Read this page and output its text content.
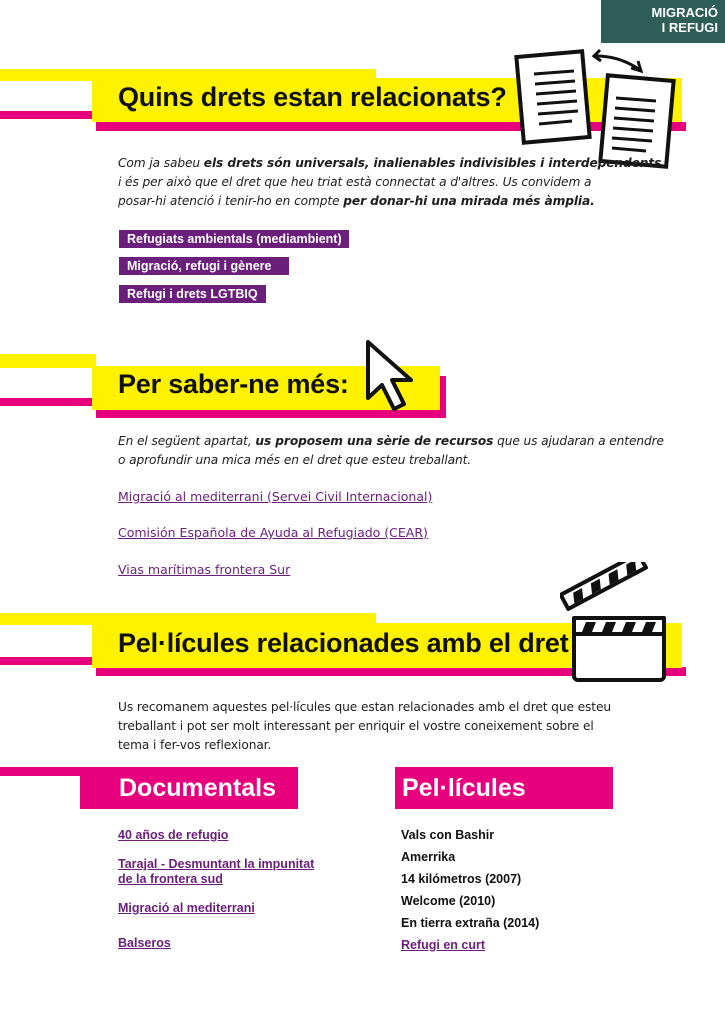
MIGRACIÓ
I REFUGI
Quins drets estan relacionats?
Com ja sabeu els drets són universals, inalienables indivisibles i interdependents,
i és per això que el dret que heu triat està connectat a d'altres. Us convidem a
posar-hi atenció i tenir-ho en compte per donar-hi una mirada més àmplia.
Refugiats ambientals (mediambient)
Migració, refugi i gènere
Refugi i drets LGTBIQ
Per saber-ne més:
En el següent apartat, us proposem una sèrie de recursos que us ajudaran a entendre
o aprofundir una mica més en el dret que esteu treballant.
Migració al mediterrani (Servei Civil Internacional)
Comisión Española de Ayuda al Refugiado (CEAR)
Vias marítimas frontera Sur
Pel·lícules relacionades amb el dret
Us recomanem aquestes pel·lícules que estan relacionades amb el dret que esteu
treballant i pot ser molt interessant per enriquir el vostre coneixement sobre el
tema i fer-vos reflexionar.
Documentals
40 años de refugio
Tarajal - Desmuntant la impunitat
de la frontera sud
Migració al mediterrani
Balseros
Pel·lícules
Vals con Bashir
Amerrika
14 kilómetros (2007)
Welcome (2010)
En tierra extraña (2014)
Refugi en curt
